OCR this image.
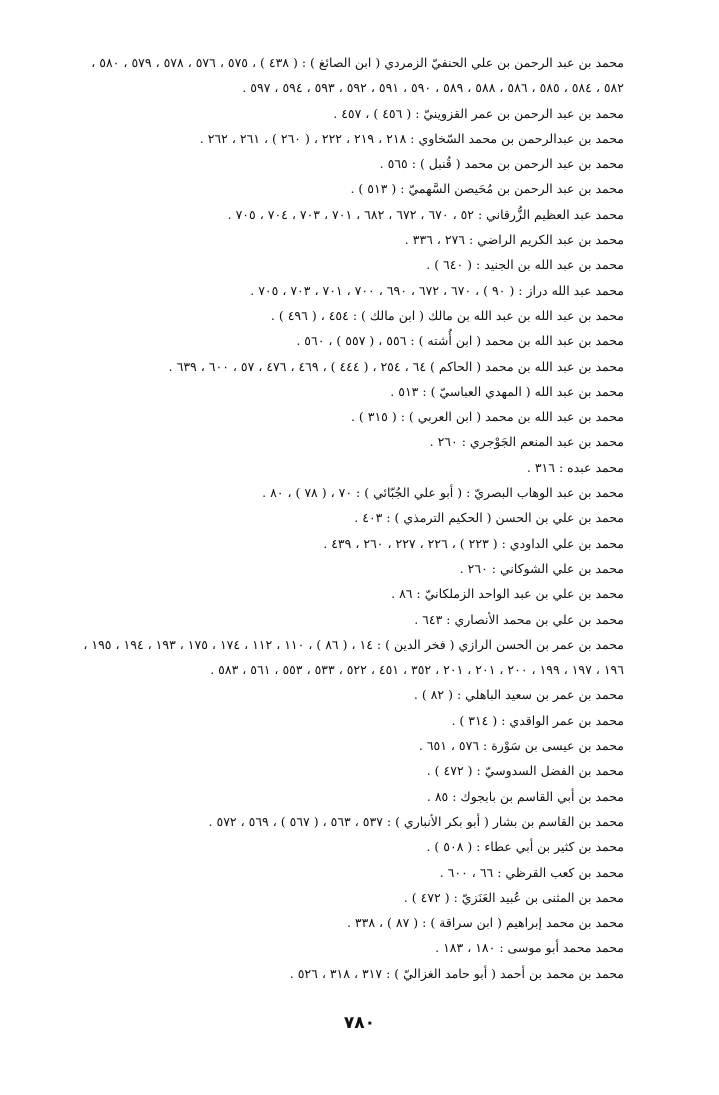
محمد بن عبد الرحمن بن علي الحنفيّ الزمردي ( ابن الصائغ ) : ( ٤٣٨ ) ، ٥٧٥ ، ٥٧٦ ، ٥٧٨ ، ٥٧٩ ، ٥٨٠ ،
٥٨٢ ، ٥٨٤ ، ٥٨٥ ، ٥٨٦ ، ٥٨٨ ، ٥٨٩ ، ٥٩٠ ، ٥٩١ ، ٥٩٢ ، ٥٩٣ ، ٥٩٤ ، ٥٩٧ .
محمد بن عبد الرحمن بن عمر القزوينيّ : ( ٤٥٦ ) ، ٤٥٧ .
محمد بن عبدالرحمن بن محمد السّخاوي : ٢١٨ ، ٢١٩ ، ٢٢٢ ، ( ٢٦٠ ) ، ٢٦١ ، ٢٦٢ .
محمد بن عبد الرحمن بن محمد ( قُنبل ) : ٥٦٥ .
محمد بن عبد الرحمن بن مُحَيصن السَّهميّ : ( ٥١٣ ) .
محمد عبد العظيم الزُّرقاني : ٥٢ ، ٦٧٠ ، ٦٧٢ ، ٦٨٢ ، ٧٠١ ، ٧٠٣ ، ٧٠٤ ، ٧٠٥ .
محمد بن عبد الكريم الراضي : ٢٧٦ ، ٣٣٦ .
محمد بن عبد الله بن الجنيد : ( ٦٤٠ ) .
محمد عبد الله دراز : ( ٩٠ ) ، ٦٧٠ ، ٦٧٢ ، ٦٩٠ ، ٧٠٠ ، ٧٠١ ، ٧٠٣ ، ٧٠٥ .
محمد بن عبد الله بن عبد الله بن مالك ( ابن مالك ) : ٤٥٤ ، ( ٤٩٦ ) .
محمد بن عبد الله بن محمد ( ابن أُشته ) : ٥٥٦ ، ( ٥٥٧ ) ، ٥٦٠ .
محمد بن عبد الله بن محمد ( الحاكم ) ٦٤ ، ٢٥٤ ، ( ٤٤٤ ) ، ٤٦٩ ، ٤٧٦ ، ٥٧ ، ٦٠٠ ، ٦٣٩ .
محمد بن عبد الله ( المهدي العباسيّ ) : ٥١٣ .
محمد بن عبد الله بن محمد ( ابن العربي ) : ( ٣١٥ ) .
محمد بن عبد المنعم الجَوْجري : ٢٦٠ .
محمد عبده : ٣١٦ .
محمد بن عبد الوهاب البصريّ : ( أبو علي الجُبّائي ) : ٧٠ ، ( ٧٨ ) ، ٨٠ .
محمد بن علي بن الحسن ( الحكيم الترمذي ) : ٤٠٣ .
محمد بن علي الداودي : ( ٢٢٣ ) ، ٢٢٦ ، ٢٢٧ ، ٢٦٠ ، ٤٣٩ .
محمد بن علي الشوكاني : ٢٦٠ .
محمد بن علي بن عبد الواحد الزملكانيّ : ٨٦ .
محمد بن علي بن محمد الأنصاري : ٦٤٣ .
محمد بن عمر بن الحسن الرازي ( فخر الدين ) : ١٤ ، ( ٨٦ ) ، ١١٠ ، ١١٢ ، ١٧٤ ، ١٧٥ ، ١٩٣ ، ١٩٤ ، ١٩٥ ،
١٩٦ ، ١٩٧ ، ١٩٩ ، ٢٠٠ ، ٢٠١ ، ٢٠١ ، ٣٥٢ ، ٤٥١ ، ٥٢٢ ، ٥٣٣ ، ٥٥٣ ، ٥٦١ ، ٥٨٣ .
محمد بن عمر بن سعيد الباهلي : ( ٨٢ ) .
محمد بن عمر الواقدي : ( ٣١٤ ) .
محمد بن عيسى بن سَوْرة : ٥٧٦ ، ٦٥١ .
محمد بن الفضل السدوسيّ : ( ٤٧٢ ) .
محمد بن أبي القاسم بن بابجوك : ٨٥ .
محمد بن القاسم بن بشار ( أبو بكر الأنباري ) : ٥٣٧ ، ٥٦٣ ، ( ٥٦٧ ) ، ٥٦٩ ، ٥٧٢ .
محمد بن كثير بن أبي عطاء : ( ٥٠٨ ) .
محمد بن كعب القرظي : ٦٦ ، ٦٠٠ .
محمد بن المثنى بن عُبيد العَنَزيّ : ( ٤٧٢ ) .
محمد بن محمد إبراهيم ( ابن سراقة ) : ( ٨٧ ) ، ٣٣٨ .
محمد محمد أبو موسى : ١٨٠ ، ١٨٣ .
محمد بن محمد بن أحمد ( أبو حامد الغزاليّ ) : ٣١٧ ، ٣١٨ ، ٥٢٦ .
٧٨٠
